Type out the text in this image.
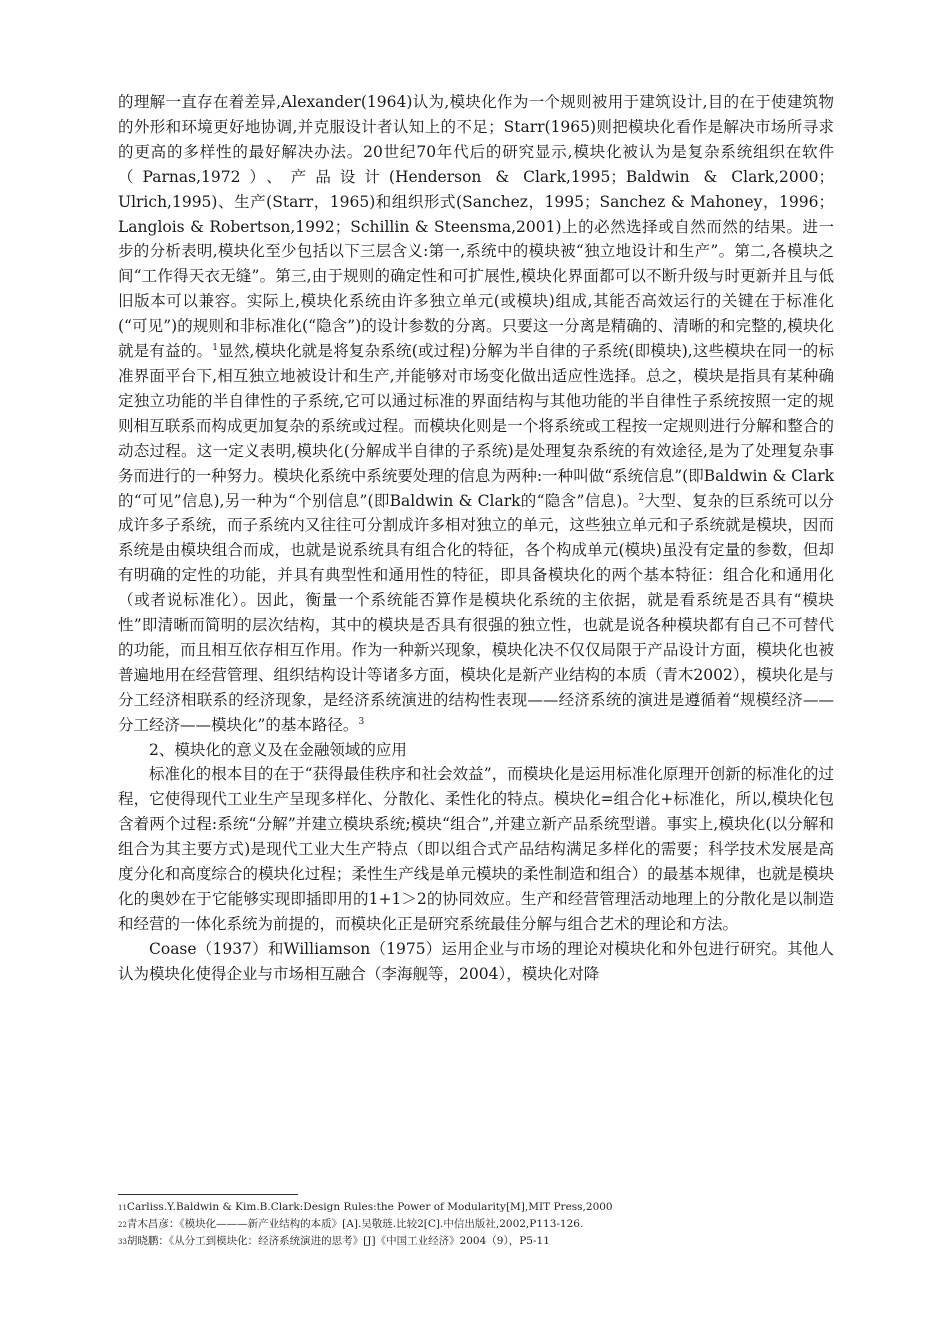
的理解一直存在着差异,Alexander(1964)认为,模块化作为一个规则被用于建筑设计,目的在于使建筑物的外形和环境更好地协调,并克服设计者认知上的不足；Starr(1965)则把模块化看作是解决市场所寻求的更高的多样性的最好解决办法。20世纪70年代后的研究显示,模块化被认为是复杂系统组织在软件（Parnas,1972）、产品设计(Henderson & Clark,1995；Baldwin & Clark,2000；Ulrich,1995)、生产(Starr，1965)和组织形式(Sanchez，1995；Sanchez & Mahoney，1996；Langlois & Robertson,1992；Schillin & Steensma,2001)上的必然选择或自然而然的结果。进一步的分析表明,模块化至少包括以下三层含义:第一,系统中的模块被“独立地设计和生产”。第二,各模块之间“工作得天衣无缝”。第三,由于规则的确定性和可扩展性,模块化界面都可以不断升级与时更新并且与低旧版本可以兼容。实际上,模块化系统由许多独立单元(或模块)组成,其能否高效运行的关键在于标准化(“可见”)的规则和非标准化(“隐含”)的设计参数的分离。只要这一分离是精确的、清晰的和完整的,模块化就是有益的。$^1$显然,模块化就是将复杂系统(或过程)分解为半自律的子系统(即模块),这些模块在同一的标准界面平台下,相互独立地被设计和生产,并能够对市场变化做出适应性选择。总之，模块是指具有某种确定独立功能的半自律性的子系统,它可以通过标准的界面结构与其他功能的半自律性子系统按照一定的规则相互联系而构成更加复杂的系统或过程。而模块化则是一个将系统或工程按一定规则进行分解和整合的动态过程。这一定义表明,模块化(分解成半自律的子系统)是处理复杂系统的有效途径,是为了处理复杂事务而进行的一种努力。模块化系统中系统要处理的信息为两种:一种叫做“系统信息”(即Baldwin & Clark的“可见”信息),另一种为“个别信息”(即Baldwin & Clark的“隐含”信息)。$^2$大型、复杂的巨系统可以分成许多子系统，而子系统内又往往可分割成许多相对独立的单元，这些独立单元和子系统就是模块，因而系统是由模块组合而成，也就是说系统具有组合化的特征，各个构成单元(模块)虽没有定量的参数，但却有明确的定性的功能，并具有典型性和通用性的特征，即具备模块化的两个基本特征：组合化和通用化（或者说标准化）。因此，衡量一个系统能否算作是模块化系统的主依据，就是看系统是否具有“模块性”即清晰而简明的层次结构，其中的模块是否具有很强的独立性，也就是说各种模块都有自己不可替代的功能，而且相互依存相互作用。作为一种新兴现象，模块化决不仅仅局限于产品设计方面，模块化也被普遍地用在经营管理、组织结构设计等诸多方面，模块化是新产业结构的本质（青木2002），模块化是与分工经济相联系的经济现象，是经济系统演进的结构性表现——经济系统的演进是遵循着“规模经济——分工经济——模块化”的基本路径。$^3$

2、模块化的意义及在金融领域的应用

标准化的根本目的在于“获得最佳秩序和社会效益”，而模块化是运用标准化原理开创新的标准化的过程，它使得现代工业生产呈现多样化、分散化、柔性化的特点。模块化=组合化+标准化，所以,模块化包含着两个过程:系统“分解”并建立模块系统;模块“组合”,并建立新产品系统型谱。事实上,模块化(以分解和组合为其主要方式)是现代工业大生产特点（即以组合式产品结构满足多样化的需要；科学技术发展是高度分化和高度综合的模块化过程；柔性生产线是单元模块的柔性制造和组合）的最基本规律，也就是模块化的奥妙在于它能够实现即插即用的1+1＞2的协同效应。生产和经营管理活动地理上的分散化是以制造和经营的一体化系统为前提的，而模块化正是研究系统最佳分解与组合艺术的理论和方法。

Coase（1937）和Williamson（1975）运用企业与市场的理论对模块化和外包进行研究。其他人认为模块化使得企业与市场相互融合（李海舰等，2004），模块化对降

$^{11}$Carliss.Y.Baldwin & Kim.B.Clark:Design Rules:the Power of Modularity[M],MIT Press,2000
$^{22}$青木昌彦：《模块化———新产业结构的本质》[A].吴敬琏.比较2[C].中信出版社,2002,P113-126.
$^{33}$胡晓鹏：《从分工到模块化：经济系统演进的思考》[J]《中国工业经济》2004（9），P5-11
